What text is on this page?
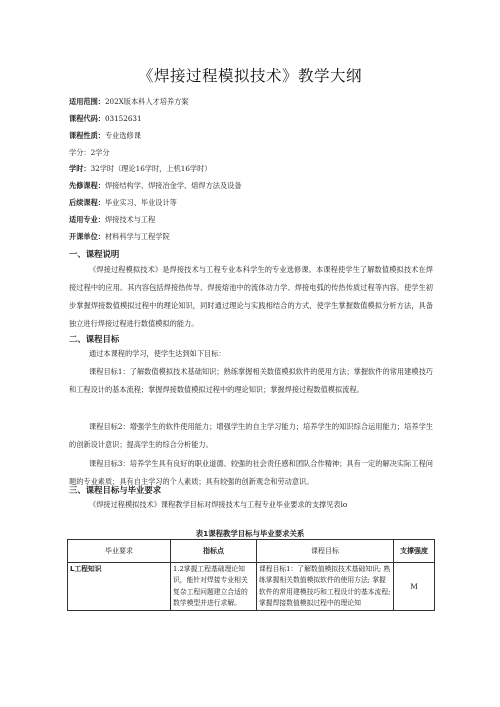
《焊接过程模拟技术》教学大纲
适用范围：202X版本科人才培养方案
课程代码：03152631
课程性质：专业选修课
学分：2学分
学时：32学时（理论16学时，上机16学时）
先修课程：焊接结构学、焊接冶金学、熔焊方法及设备
后续课程：毕业实习、毕业设计等
适用专业：焊接技术与工程
开课单位：材料科学与工程学院
一、课程说明

《焊接过程模拟技术》是焊接技术与工程专业本科学生的专业选修课。本课程使学生了解数值模拟技术在焊接过程中的应用。其内容包括焊接热传导、焊接熔池中的流体动力学、焊接电弧的传热传质过程等内容。使学生初步掌握焊接数值模拟过程中的理论知识，同时通过理论与实践相结合的方式，使学生掌握数值模拟分析方法，具备独立进行焊接过程进行数值模拟的能力。

二、课程目标

通过本课程的学习，使学生达到如下目标：

课程目标1：了解数值模拟技术基础知识；熟练掌握相关数值模拟软件的使用方法；掌握软件的常用建模技巧和工程设计的基本流程；掌握焊接数值模拟过程中的理论知识；掌握焊接过程数值模拟流程。

课程目标2：增强学生的软件使用能力；增强学生的自主学习能力；培养学生的知识综合运用能力；培养学生的创新设计意识；提高学生的综合分析能力。

课程目标3：培养学生具有良好的职业道德、较强的社会责任感和团队合作精神；具有一定的解决实际工程问题的专业素质；具有自主学习的个人素质；具有较强的创新观念和劳动意识。

三、课程目标与毕业要求

《焊接过程模拟技术》课程教学目标对焊接技术与工程专业毕业要求的支撑见表lo

表1课程教学目标与毕业要求关系
毕业要求	指标点	课程目标	支撑强度
L工程知识	1.2掌握工程基础理论知识，能针对焊接专业相关复杂工程问题建立合适的数学模型并进行求解。	课程目标1：了解数值模拟技术基础知识; 熟练掌握相关数值模拟软件的使用方法; 掌握软件的常用建模技巧和工程设计的基本流程; 掌握焊接数值模拟过程中的理论知	M
